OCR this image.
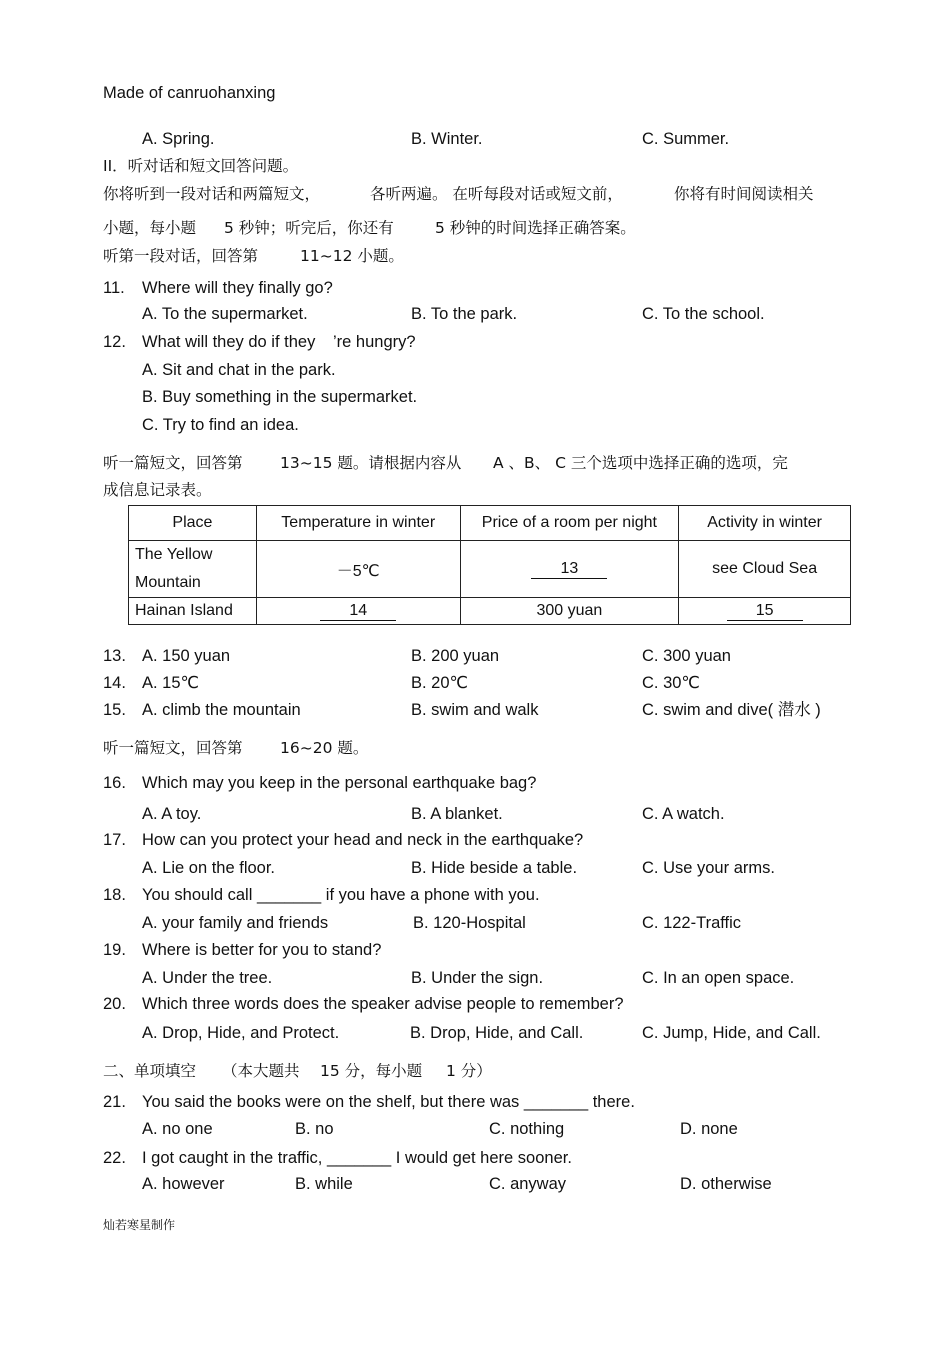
Made of canruohanxing
A. Spring.	B. Winter.	C. Summer.
II．听对话和短文回答问题。
你将听到一段对话和两篇短文，	各听两遍。 在听每段对话或短文前，	你将有时间阅读相关
小题，每小题 5 秒钟；听完后，你还有	5 秒钟的时间选择正确答案。
听第一段对话，回答第	11~12 小题。
11. Where will they finally go?
A. To the supermarket.	B. To the park.	C. To the school.
12. What will they do if they ’re hungry?
A. Sit and chat in the park.
B. Buy something in the supermarket.
C. Try to find an idea.
听一篇短文，回答第 13~15 题。请根据内容从 A 、B、 C 三个选项中选择正确的选项，完
成信息记录表。
Place	Temperature in winter	Price of a room per night	Activity in winter
The Yellow
Mountain	－5℃	13	see Cloud Sea
Hainan Island	14	300 yuan	15
13. A. 150 yuan	B. 200 yuan	C. 300 yuan
14. A. 15℃	B. 20℃	C. 30℃
15. A. climb the mountain	B. swim and walk	C. swim and dive( 潜水 )
听一篇短文，回答第 16~20 题。
16. Which may you keep in the personal earthquake bag?
A. A toy.	B. A blanket.	C. A watch.
17. How can you protect your head and neck in the earthquake?
A. Lie on the floor.	B. Hide beside a table.	C. Use your arms.
18. You should call _______ if you have a phone with you.
A. your family and friends	B. 120-Hospital	C. 122-Traffic
19. Where is better for you to stand?
A. Under the tree.	B. Under the sign.	C. In an open space.
20. Which three words does the speaker advise people to remember?
A. Drop, Hide, and Protect.	B. Drop, Hide, and Call.	C. Jump, Hide, and Call.
二、单项填空 （本大题共 15 分，每小题 1 分）
21. You said the books were on the shelf, but there was _______ there.
A. no one	B. no	C. nothing	D. none
22. I got caught in the traffic, _______ I would get here sooner.
A. however	B. while	C. anyway	D. otherwise
灿若寒星制作
